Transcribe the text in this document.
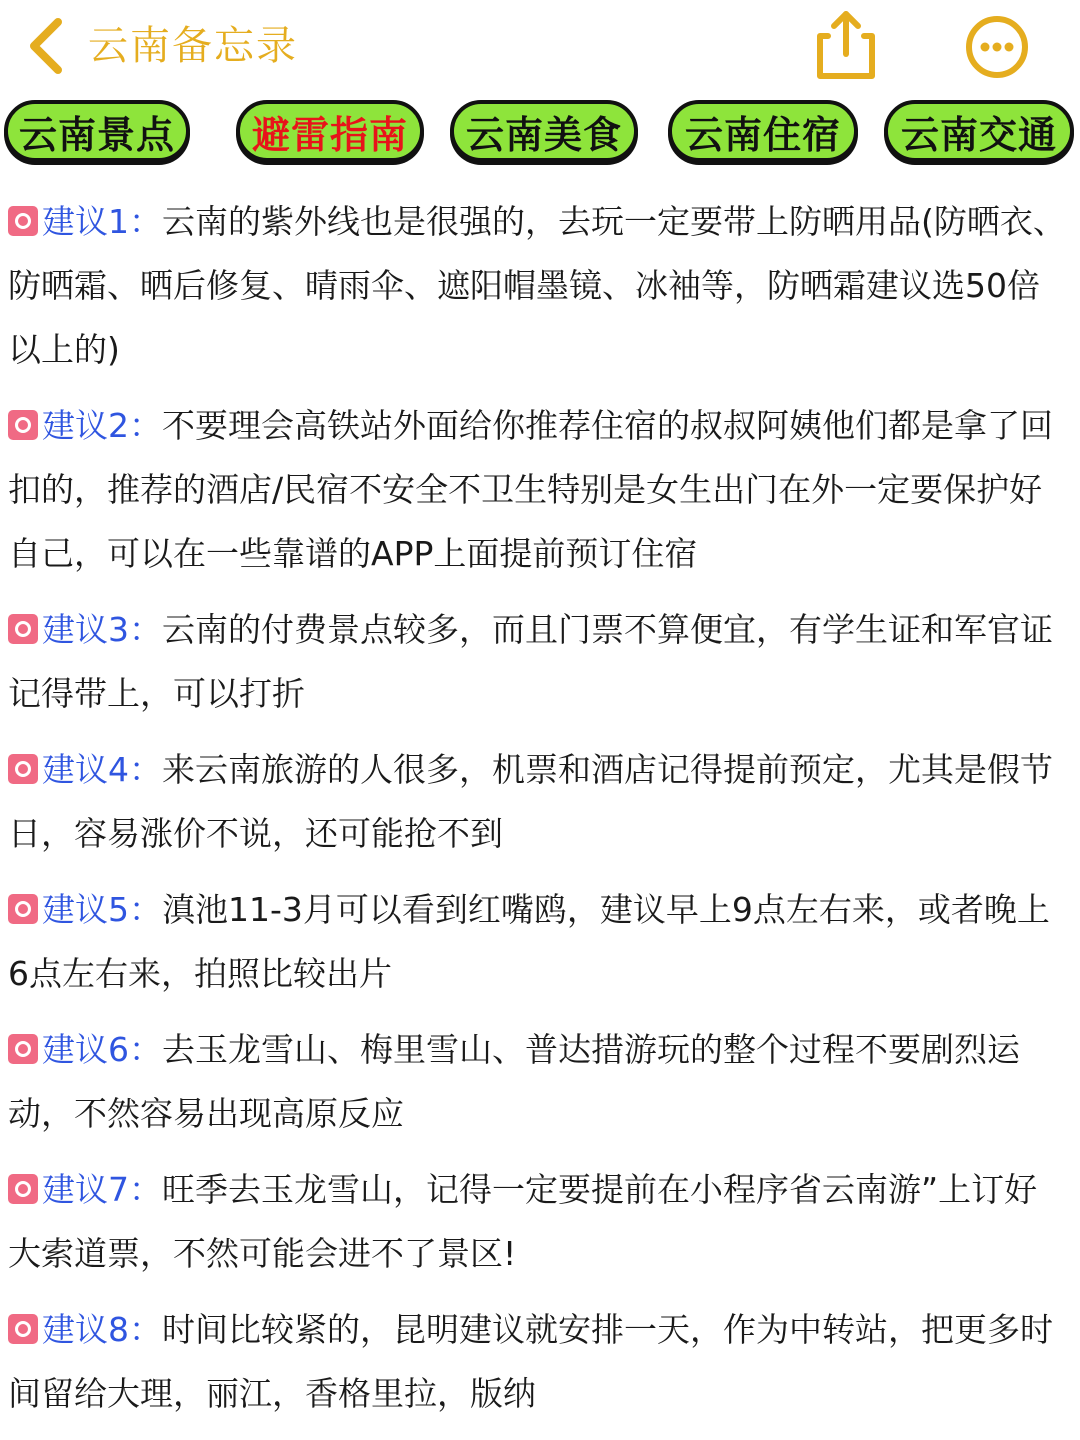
云南备忘录
云南景点	避雷指南	云南美食	云南住宿	云南交通

建议1：云南的紫外线也是很强的，去玩一定要带上防晒用品(防晒衣、防晒霜、晒后修复、晴雨伞、遮阳帽墨镜、冰袖等，防晒霜建议选50倍以上的)

建议2：不要理会高铁站外面给你推荐住宿的叔叔阿姨他们都是拿了回扣的，推荐的酒店/民宿不安全不卫生特别是女生出门在外一定要保护好自己，可以在一些靠谱的APP上面提前预订住宿

建议3：云南的付费景点较多，而且门票不算便宜，有学生证和军官证记得带上，可以打折

建议4：来云南旅游的人很多，机票和酒店记得提前预定，尤其是假节日，容易涨价不说，还可能抢不到

建议5：滇池11-3月可以看到红嘴鸥，建议早上9点左右来，或者晚上6点左右来，拍照比较出片

建议6：去玉龙雪山、梅里雪山、普达措游玩的整个过程不要剧烈运动，不然容易出现高原反应

建议7：旺季去玉龙雪山，记得一定要提前在小程序省云南游”上订好大索道票，不然可能会进不了景区!

建议8：时间比较紧的，昆明建议就安排一天，作为中转站，把更多时间留给大理，丽江，香格里拉，版纳
